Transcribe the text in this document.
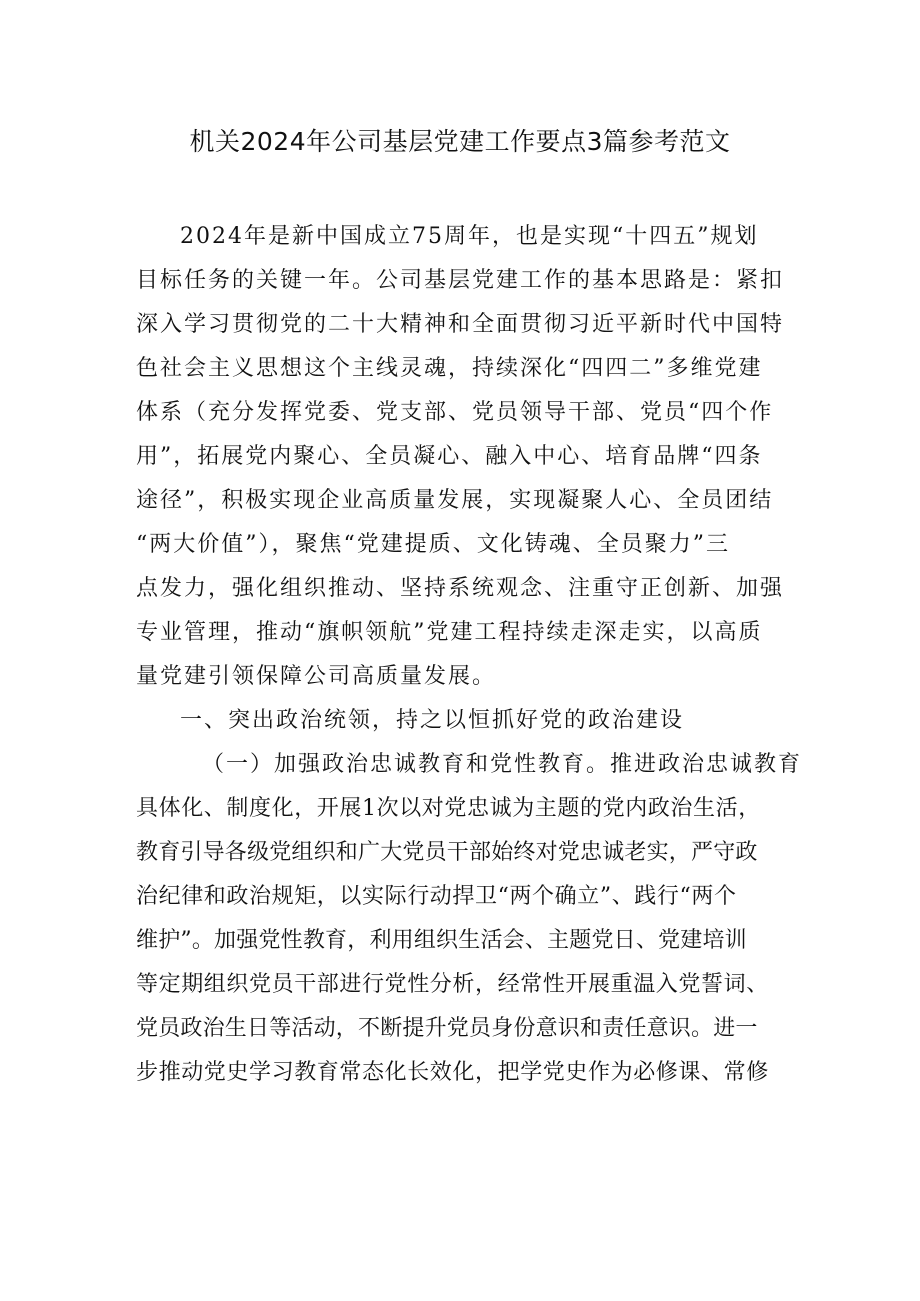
机关2024年公司基层党建工作要点3篇参考范文
2024年是新中国成立75周年，也是实现“十四五”规划
目标任务的关键一年。公司基层党建工作的基本思路是：紧扣
深入学习贯彻党的二十大精神和全面贯彻习近平新时代中国特
色社会主义思想这个主线灵魂，持续深化“四四二”多维党建
体系（充分发挥党委、党支部、党员领导干部、党员“四个作
用”，拓展党内聚心、全员凝心、融入中心、培育品牌“四条
途径”，积极实现企业高质量发展，实现凝聚人心、全员团结
“两大价值”），聚焦“党建提质、文化铸魂、全员聚力”三
点发力，强化组织推动、坚持系统观念、注重守正创新、加强
专业管理，推动“旗帜领航”党建工程持续走深走实，以高质
量党建引领保障公司高质量发展。
一、突出政治统领，持之以恒抓好党的政治建设
（一）加强政治忠诚教育和党性教育。推进政治忠诚教育
具体化、制度化，开展1次以对党忠诚为主题的党内政治生活，
教育引导各级党组织和广大党员干部始终对党忠诚老实，严守政
治纪律和政治规矩，以实际行动捍卫“两个确立”、践行“两个
维护”。加强党性教育，利用组织生活会、主题党日、党建培训
等定期组织党员干部进行党性分析，经常性开展重温入党誓词、
党员政治生日等活动，不断提升党员身份意识和责任意识。进一
步推动党史学习教育常态化长效化，把学党史作为必修课、常修
